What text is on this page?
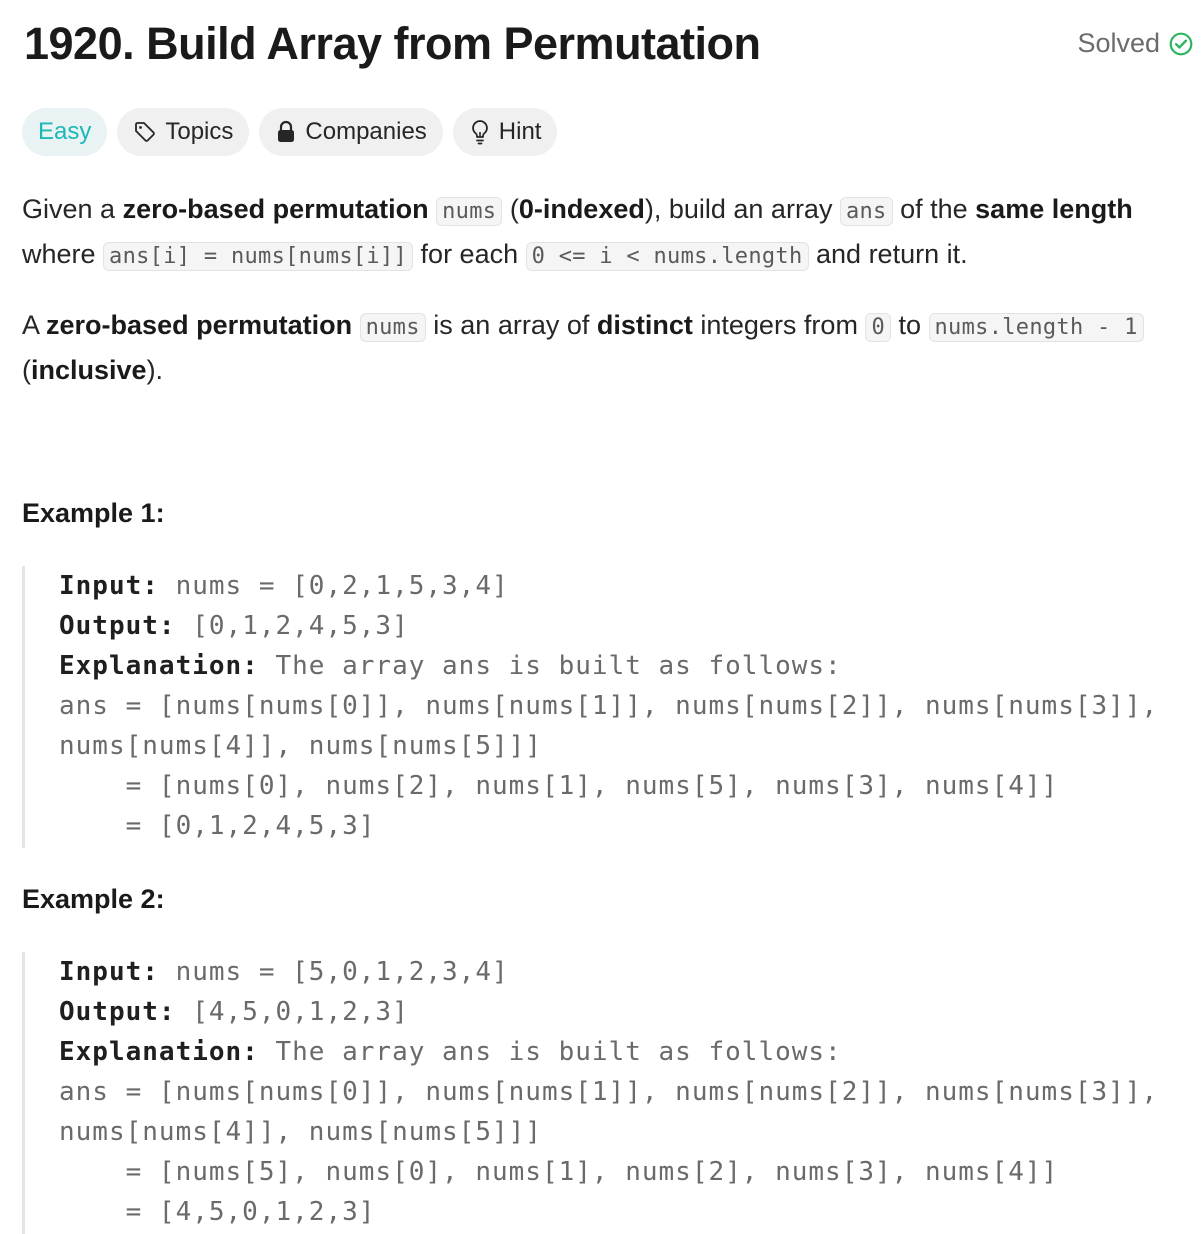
1920. Build Array from Permutation	Solved
Easy	Topics	Companies	Hint

Given a zero-based permutation nums (0-indexed), build an array ans of the same length where ans[i] = nums[nums[i]] for each 0 <= i < nums.length and return it.

A zero-based permutation nums is an array of distinct integers from 0 to nums.length - 1 (inclusive).

Example 1:

Input: nums = [0,2,1,5,3,4]
Output: [0,1,2,4,5,3]
Explanation: The array ans is built as follows:
ans = [nums[nums[0]], nums[nums[1]], nums[nums[2]], nums[nums[3]],
nums[nums[4]], nums[nums[5]]]
= [nums[0], nums[2], nums[1], nums[5], nums[3], nums[4]]
= [0,1,2,4,5,3]

Example 2:

Input: nums = [5,0,1,2,3,4]
Output: [4,5,0,1,2,3]
Explanation: The array ans is built as follows:
ans = [nums[nums[0]], nums[nums[1]], nums[nums[2]], nums[nums[3]],
nums[nums[4]], nums[nums[5]]]
= [nums[5], nums[0], nums[1], nums[2], nums[3], nums[4]]
= [4,5,0,1,2,3]
